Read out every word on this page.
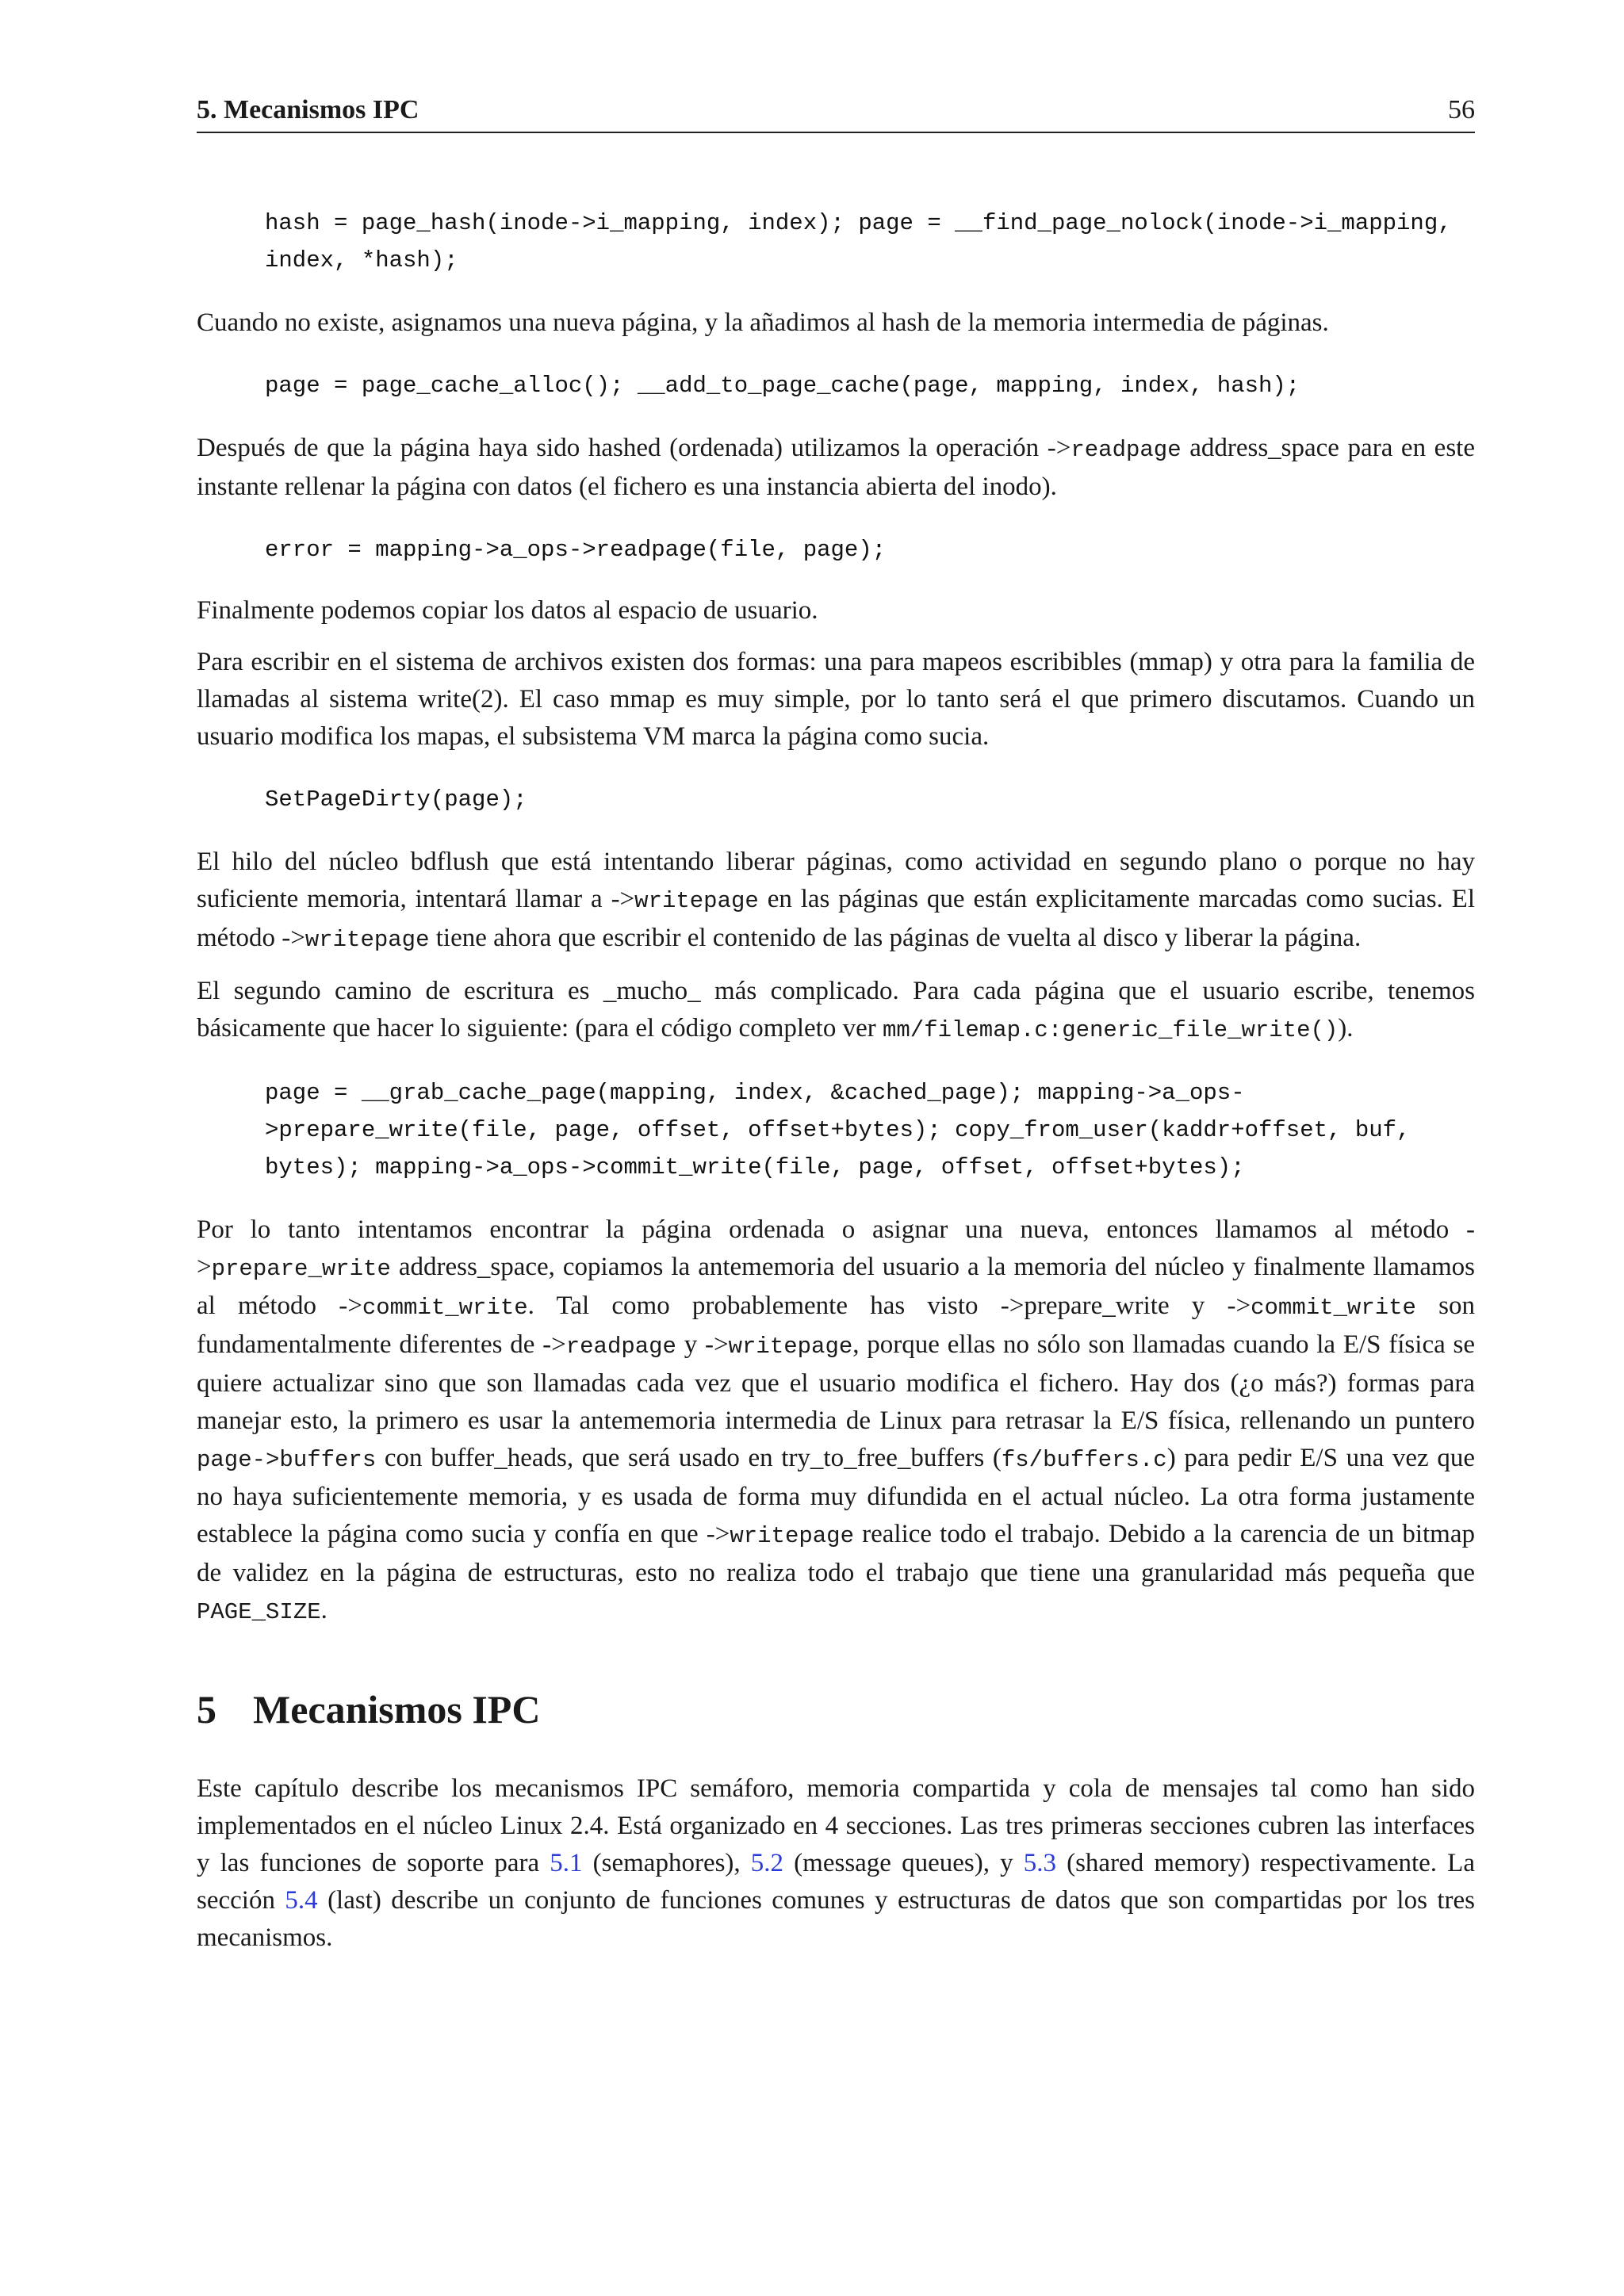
5. Mecanismos IPC	56
hash = page_hash(inode->i_mapping, index); page = __find_page_nolock(inode->i_mapping, index, *hash);

Cuando no existe, asignamos una nueva página, y la añadimos al hash de la memoria intermedia de páginas.

page = page_cache_alloc(); __add_to_page_cache(page, mapping, index, hash);

Después de que la página haya sido hashed (ordenada) utilizamos la operación ->readpage address_space para en este instante rellenar la página con datos (el fichero es una instancia abierta del inodo).

error = mapping->a_ops->readpage(file, page);

Finalmente podemos copiar los datos al espacio de usuario.

Para escribir en el sistema de archivos existen dos formas: una para mapeos escribibles (mmap) y otra para la familia de llamadas al sistema write(2). El caso mmap es muy simple, por lo tanto será el que primero discutamos. Cuando un usuario modifica los mapas, el subsistema VM marca la página como sucia.

SetPageDirty(page);

El hilo del núcleo bdflush que está intentando liberar páginas, como actividad en segundo plano o porque no hay suficiente memoria, intentará llamar a ->writepage en las páginas que están explicitamente marcadas como sucias. El método ->writepage tiene ahora que escribir el contenido de las páginas de vuelta al disco y liberar la página.

El segundo camino de escritura es _mucho_ más complicado. Para cada página que el usuario escribe, tenemos básicamente que hacer lo siguiente: (para el código completo ver mm/filemap.c:generic_file_write()).

page = __grab_cache_page(mapping, index, &cached_page); mapping->a_ops->prepare_write(file, page, offset, offset+bytes); copy_from_user(kaddr+offset, buf, bytes); mapping->a_ops->commit_write(file, page, offset, offset+bytes);

Por lo tanto intentamos encontrar la página ordenada o asignar una nueva, entonces llamamos al método ->prepare_write address_space, copiamos la antememoria del usuario a la memoria del núcleo y finalmente llamamos al método ->commit_write. Tal como probablemente has visto ->prepare_write y ->commit_write son fundamentalmente diferentes de ->readpage y ->writepage, porque ellas no sólo son llamadas cuando la E/S física se quiere actualizar sino que son llamadas cada vez que el usuario modifica el fichero. Hay dos (¿o más?) formas para manejar esto, la primero es usar la antememoria intermedia de Linux para retrasar la E/S física, rellenando un puntero page->buffers con buffer_heads, que será usado en try_to_free_buffers (fs/buffers.c) para pedir E/S una vez que no haya suficientemente memoria, y es usada de forma muy difundida en el actual núcleo. La otra forma justamente establece la página como sucia y confía en que ->writepage realice todo el trabajo. Debido a la carencia de un bitmap de validez en la página de estructuras, esto no realiza todo el trabajo que tiene una granularidad más pequeña que PAGE_SIZE.

5 Mecanismos IPC

Este capítulo describe los mecanismos IPC semáforo, memoria compartida y cola de mensajes tal como han sido implementados en el núcleo Linux 2.4. Está organizado en 4 secciones. Las tres primeras secciones cubren las interfaces y las funciones de soporte para 5.1 (semaphores), 5.2 (message queues), y 5.3 (shared memory) respectivamente. La sección 5.4 (last) describe un conjunto de funciones comunes y estructuras de datos que son compartidas por los tres mecanismos.
